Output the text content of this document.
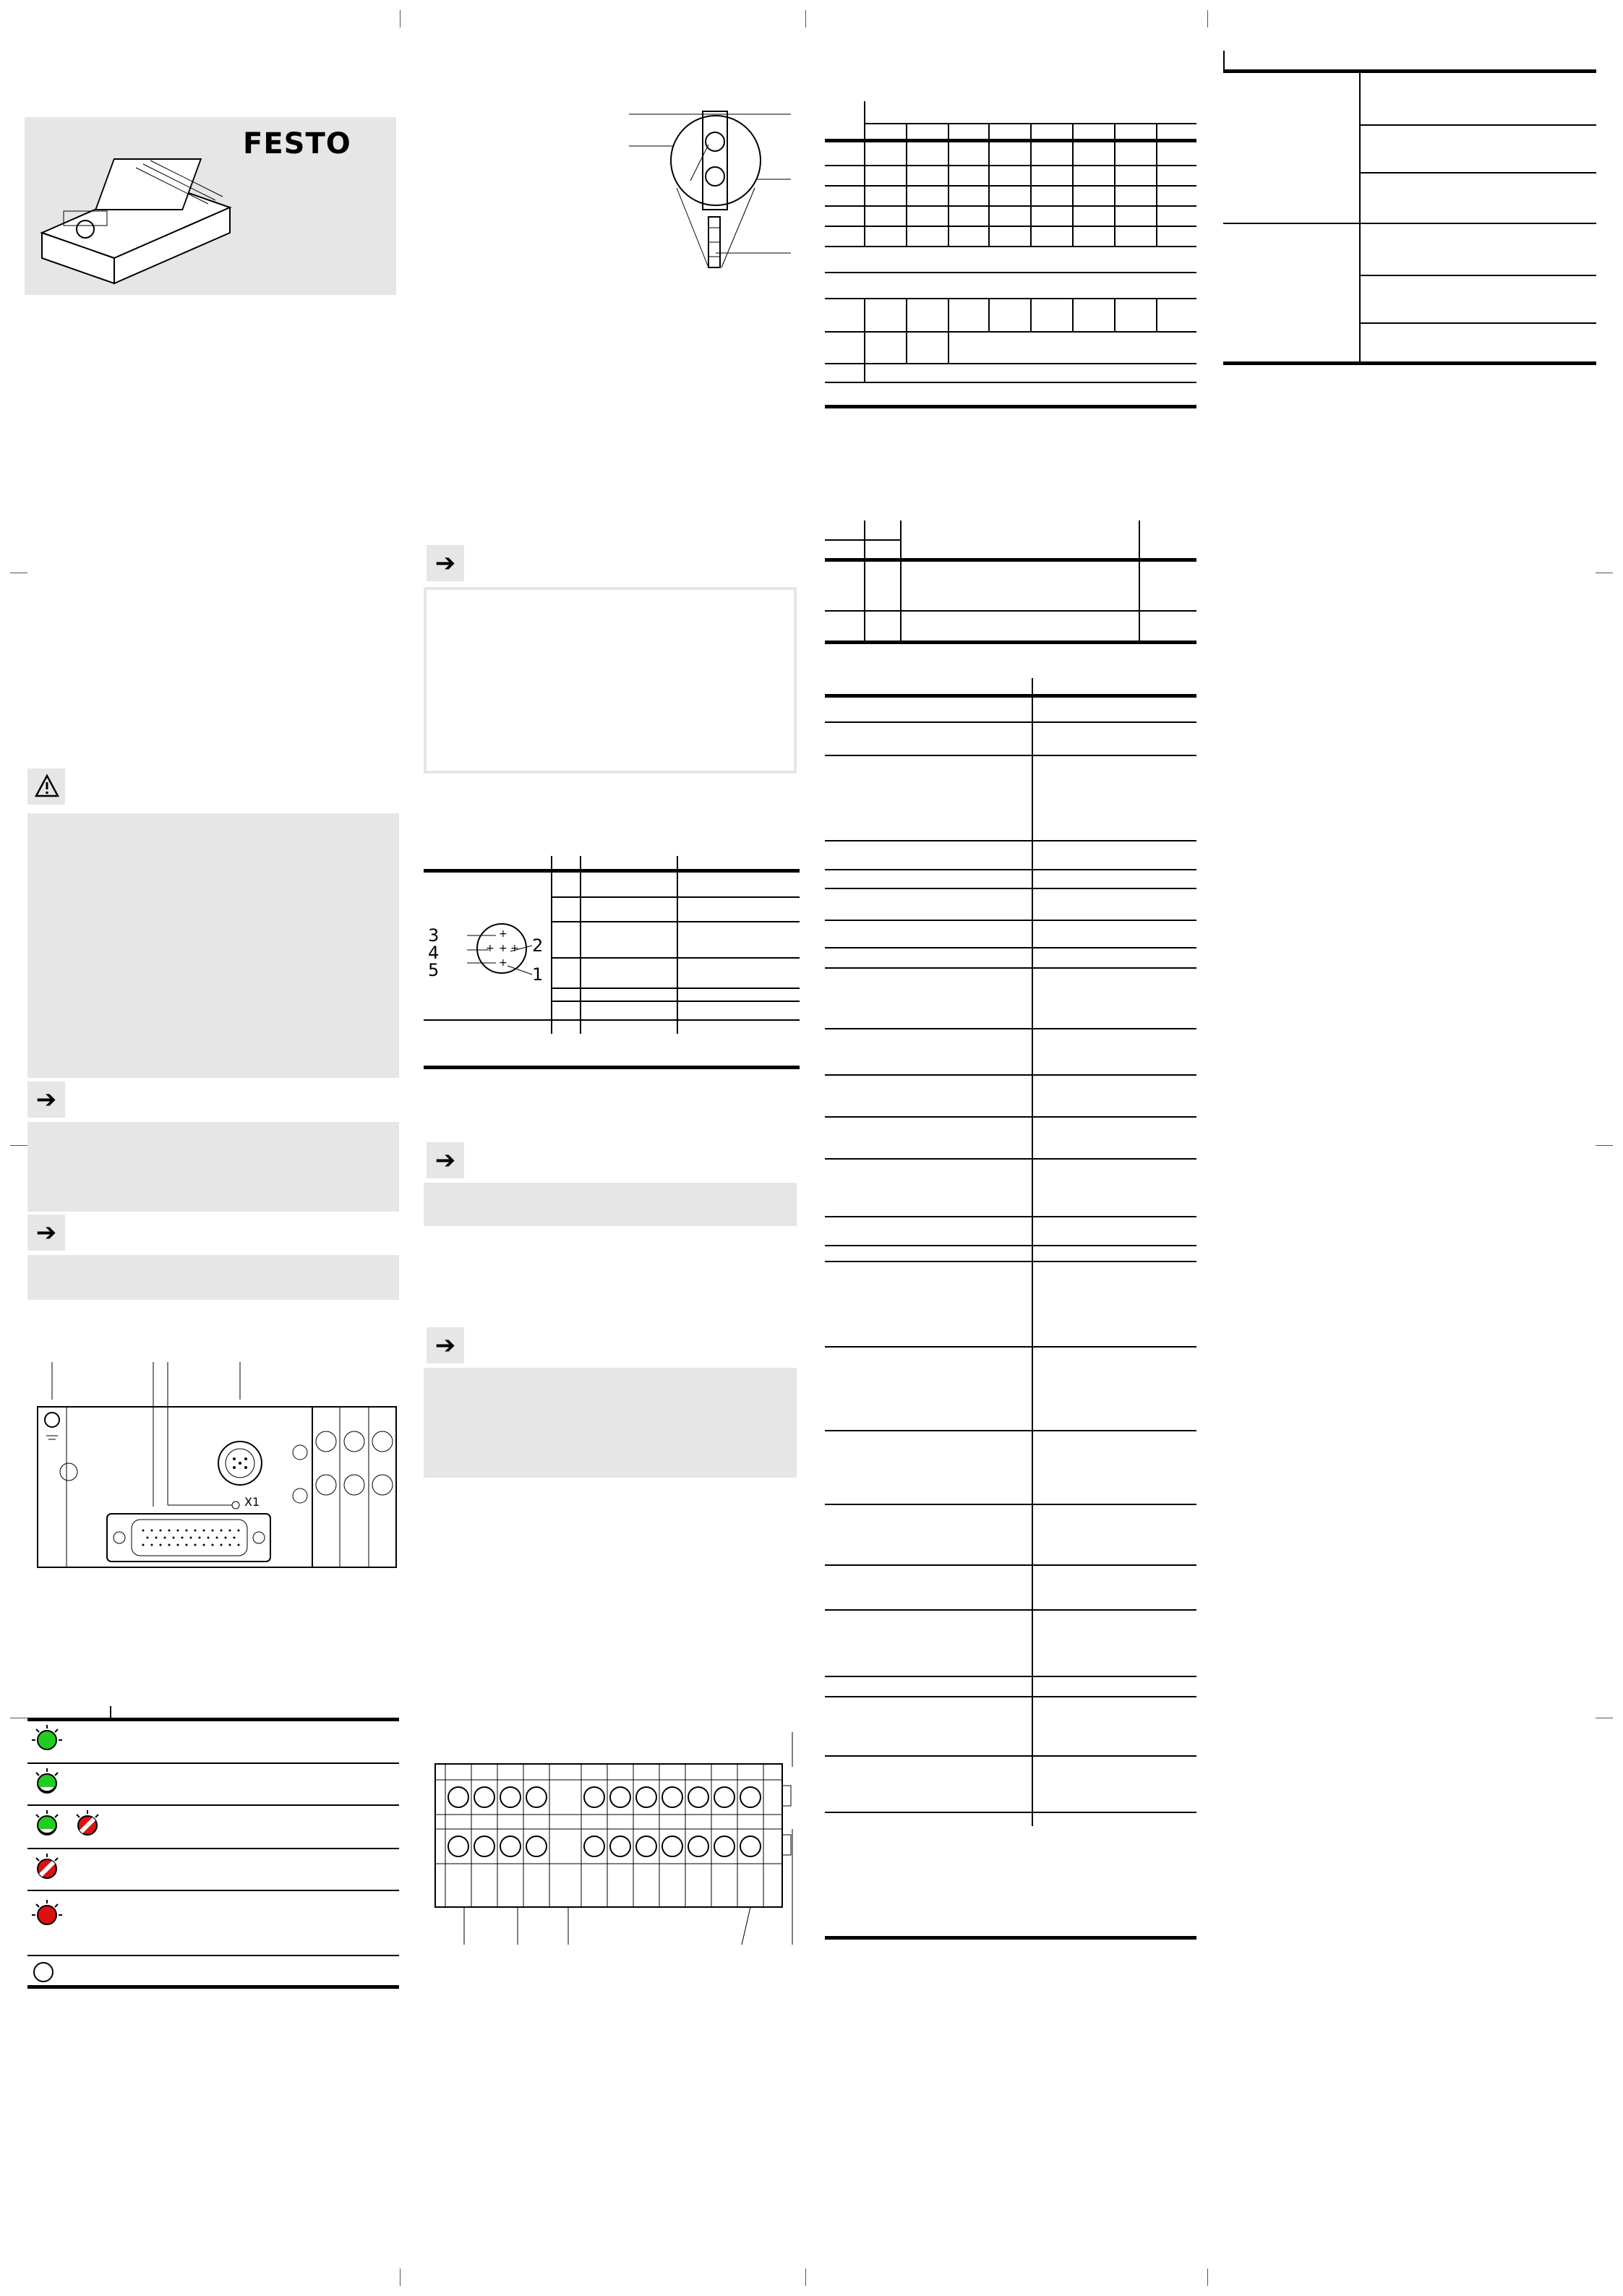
FESTO
➔
➔
X1
➔
+
+ + +
+
3
4
5
2
1
➔
➔
